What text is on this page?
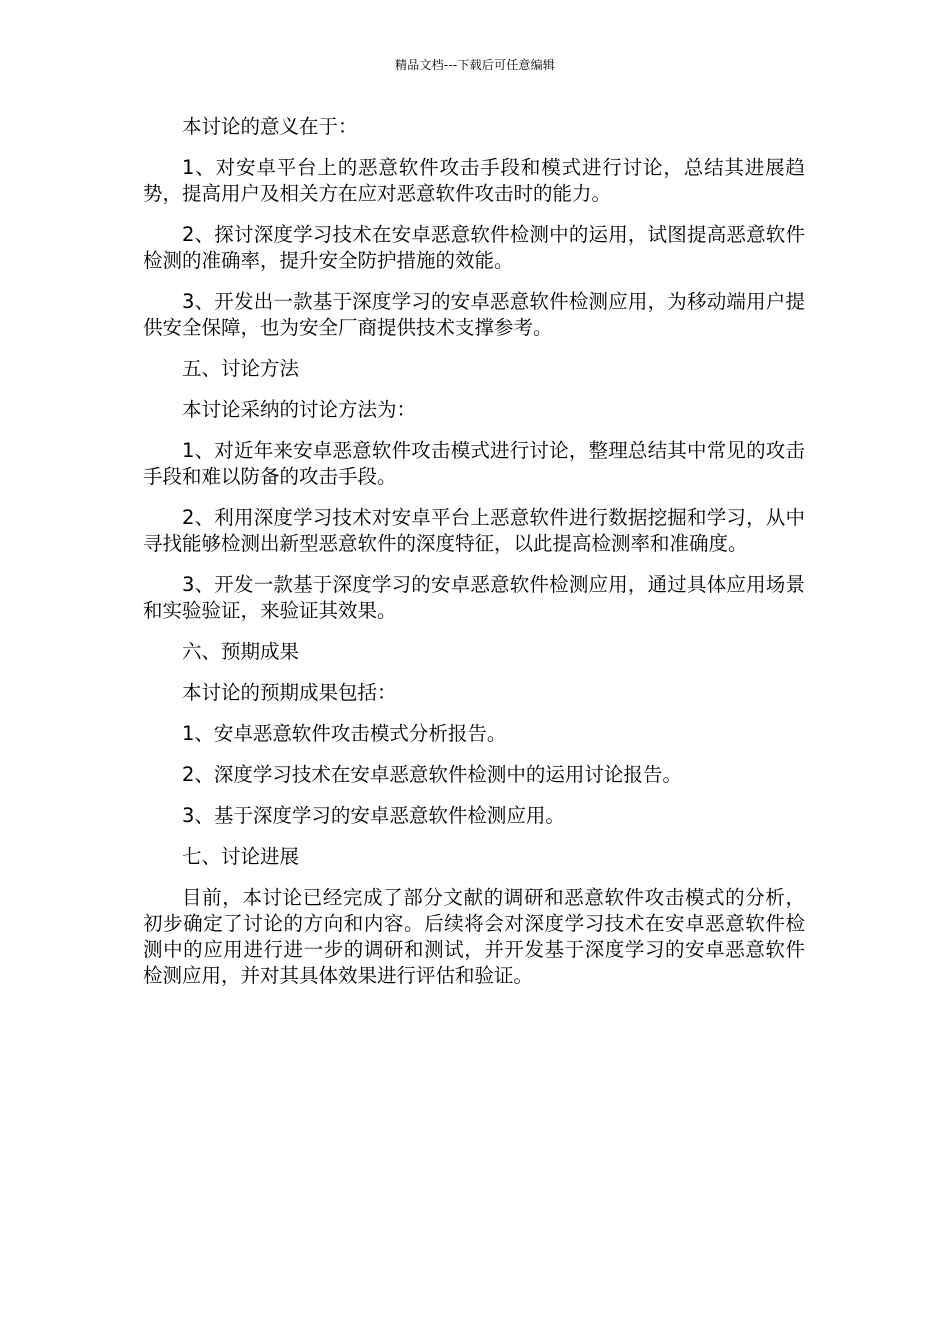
精品文档---下载后可任意编辑

本讨论的意义在于：

1、对安卓平台上的恶意软件攻击手段和模式进行讨论，总结其进展趋势，提高用户及相关方在应对恶意软件攻击时的能力。

2、探讨深度学习技术在安卓恶意软件检测中的运用，试图提高恶意软件检测的准确率，提升安全防护措施的效能。

3、开发出一款基于深度学习的安卓恶意软件检测应用，为移动端用户提供安全保障，也为安全厂商提供技术支撑参考。

五、讨论方法

本讨论采纳的讨论方法为：

1、对近年来安卓恶意软件攻击模式进行讨论，整理总结其中常见的攻击手段和难以防备的攻击手段。

2、利用深度学习技术对安卓平台上恶意软件进行数据挖掘和学习，从中寻找能够检测出新型恶意软件的深度特征，以此提高检测率和准确度。

3、开发一款基于深度学习的安卓恶意软件检测应用，通过具体应用场景和实验验证，来验证其效果。

六、预期成果

本讨论的预期成果包括：

1、安卓恶意软件攻击模式分析报告。

2、深度学习技术在安卓恶意软件检测中的运用讨论报告。

3、基于深度学习的安卓恶意软件检测应用。

七、讨论进展

目前，本讨论已经完成了部分文献的调研和恶意软件攻击模式的分析，初步确定了讨论的方向和内容。后续将会对深度学习技术在安卓恶意软件检测中的应用进行进一步的调研和测试，并开发基于深度学习的安卓恶意软件检测应用，并对其具体效果进行评估和验证。
